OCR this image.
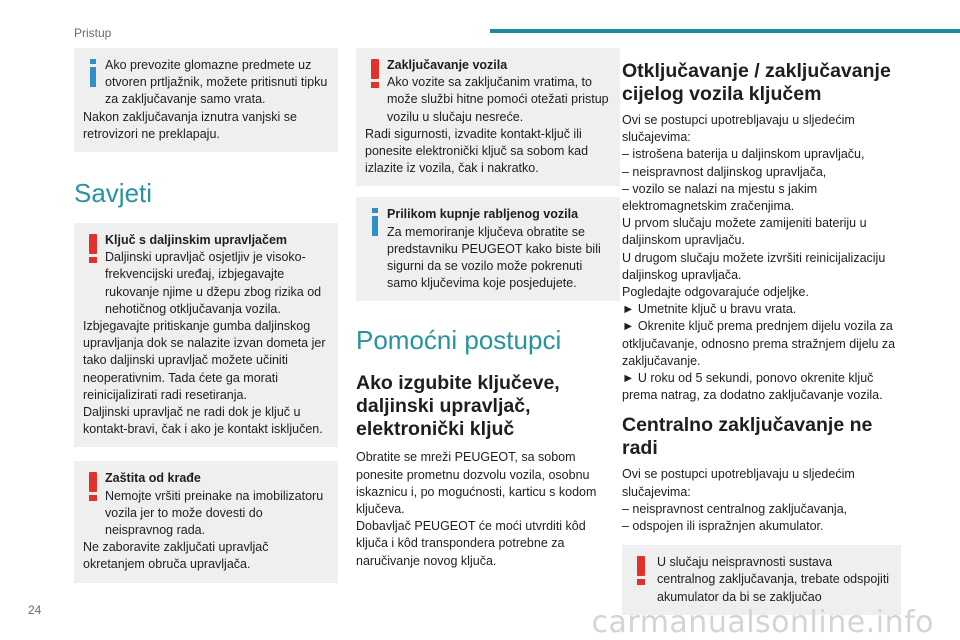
Pristup

Ako prevozite glomazne predmete uz otvoren prtljažnik, možete pritisnuti tipku za zaključavanje samo vrata.

Nakon zaključavanja iznutra vanjski se retrovizori ne preklapaju.

Savjeti

Ključ s daljinskim upravljačem

Daljinski upravljač osjetljiv je visoko-frekvencijski uređaj, izbjegavajte rukovanje njime u džepu zbog rizika od nehotičnog otključavanja vozila.

Izbjegavajte pritiskanje gumba daljinskog upravljanja dok se nalazite izvan dometa jer tako daljinski upravljač možete učiniti neoperativnim. Tada ćete ga morati reinicijalizirati radi resetiranja.

Daljinski upravljač ne radi dok je ključ u kontakt-bravi, čak i ako je kontakt isključen.

Zaštita od krađe

Nemojte vršiti preinake na imobilizatoru vozila jer to može dovesti do neispravnog rada.

Ne zaboravite zaključati upravljač okretanjem obruča upravljača.

Zaključavanje vozila

Ako vozite sa zaključanim vratima, to može službi hitne pomoći otežati pristup vozilu u slučaju nesreće.

Radi sigurnosti, izvadite kontakt-ključ ili ponesite elektronički ključ sa sobom kad izlazite iz vozila, čak i nakratko.

Prilikom kupnje rabljenog vozila

Za memoriranje ključeva obratite se predstavniku PEUGEOT kako biste bili sigurni da se vozilo može pokrenuti samo ključevima koje posjedujete.

Pomoćni postupci
Ako izgubite ključeve, daljinski upravljač, elektronički ključ

Obratite se mreži PEUGEOT, sa sobom ponesite prometnu dozvolu vozila, osobnu iskaznicu i, po mogućnosti, karticu s kodom ključeva.

Dobavljač PEUGEOT će moći utvrditi kôd ključa i kôd transpondera potrebne za naručivanje novog ključa.

Otključavanje / zaključavanje cijelog vozila ključem

Ovi se postupci upotrebljavaju u sljedećim slučajevima:

– istrošena baterija u daljinskom upravljaču,

– neispravnost daljinskog upravljača,

– vozilo se nalazi na mjestu s jakim elektromagnetskim zračenjima.

U prvom slučaju možete zamijeniti bateriju u daljinskom upravljaču.

U drugom slučaju možete izvršiti reinicijalizaciju daljinskog upravljača.

Pogledajte odgovarajuće odjeljke.

► Umetnite ključ u bravu vrata.

► Okrenite ključ prema prednjem dijelu vozila za otključavanje, odnosno prema stražnjem dijelu za zaključavanje.

► U roku od 5 sekundi, ponovo okrenite ključ prema natrag, za dodatno zaključavanje vozila.

Centralno zaključavanje ne radi

Ovi se postupci upotrebljavaju u sljedećim slučajevima:

– neispravnost centralnog zaključavanja,

– odspojen ili ispražnjen akumulator.

U slučaju neispravnosti sustava centralnog zaključavanja, trebate odspojiti akumulator da bi se zaključao

24	carmanualsonline.info
